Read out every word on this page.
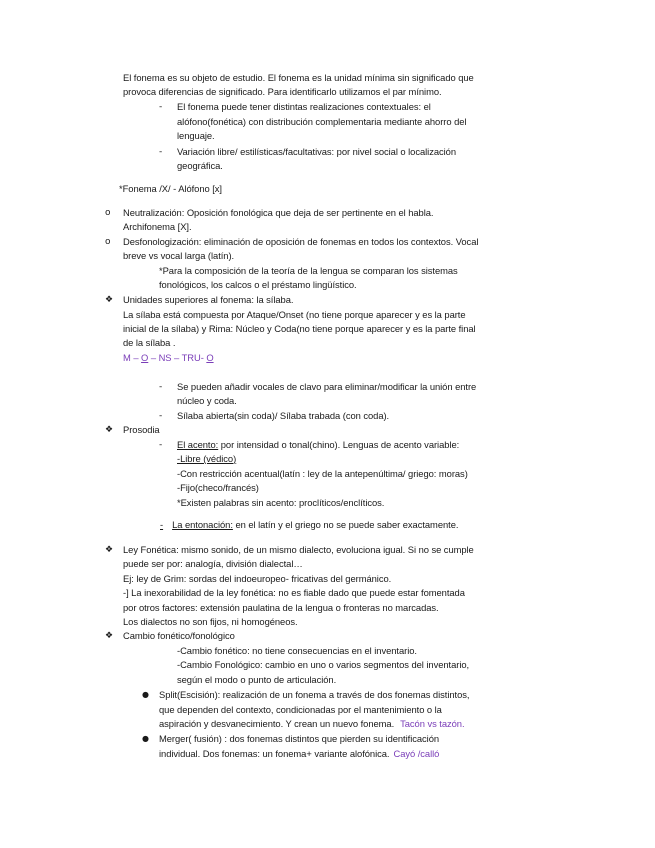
El fonema es su objeto de estudio. El fonema es la unidad mínima sin significado que
provoca diferencias de significado. Para identificarlo utilizamos el par mínimo.
- El fonema puede tener distintas realizaciones contextuales: el
alófono(fonética) con distribución complementaria mediante ahorro del
lenguaje.
- Variación libre/ estilísticas/facultativas: por nivel social o localización
geográfica.
*Fonema /X/ - Alófono [x]
o Neutralización: Oposición fonológica que deja de ser pertinente en el habla.
Archifonema [X].
o Desfonologización: eliminación de oposición de fonemas en todos los contextos. Vocal
breve vs vocal larga (latín).
*Para la composición de la teoría de la lengua se comparan los sistemas
fonológicos, los calcos o el préstamo lingüístico.
❖ Unidades superiores al fonema: la sílaba.
La sílaba está compuesta por Ataque/Onset (no tiene porque aparecer y es la parte
inicial de la sílaba) y Rima: Núcleo y Coda(no tiene porque aparecer y es la parte final
de la sílaba .
M – O – NS – TRU- O
- Se pueden añadir vocales de clavo para eliminar/modificar la unión entre
núcleo y coda.
- Sílaba abierta(sin coda)/ Sílaba trabada (con coda).
❖ Prosodia
- El acento: por intensidad o tonal(chino). Lenguas de acento variable:
-Libre (védico)
-Con restricción acentual(latín : ley de la antepenúltima/ griego: moras)
-Fijo(checo/francés)
*Existen palabras sin acento: proclíticos/enclíticos.
- La entonación: en el latín y el griego no se puede saber exactamente.
❖ Ley Fonética: mismo sonido, de un mismo dialecto, evoluciona igual. Si no se cumple
puede ser por: analogía, división dialectal…
Ej: ley de Grim: sordas del indoeuropeo- fricativas del germánico.
-] La inexorabilidad de la ley fonética: no es fiable dado que puede estar fomentada
por otros factores: extensión paulatina de la lengua o fronteras no marcadas.
Los dialectos no son fijos, ni homogéneos.
❖ Cambio fonético/fonológico
-Cambio fonético: no tiene consecuencias en el inventario.
-Cambio Fonológico: cambio en uno o varios segmentos del inventario,
según el modo o punto de articulación.
● Split(Escisión): realización de un fonema a través de dos fonemas distintos,
que dependen del contexto, condicionadas por el mantenimiento o la
aspiración y desvanecimiento. Y crean un nuevo fonema. Tacón vs tazón.
● Merger( fusión) : dos fonemas distintos que pierden su identificación
individual. Dos fonemas: un fonema+ variante alofónica. Cayó /calló
